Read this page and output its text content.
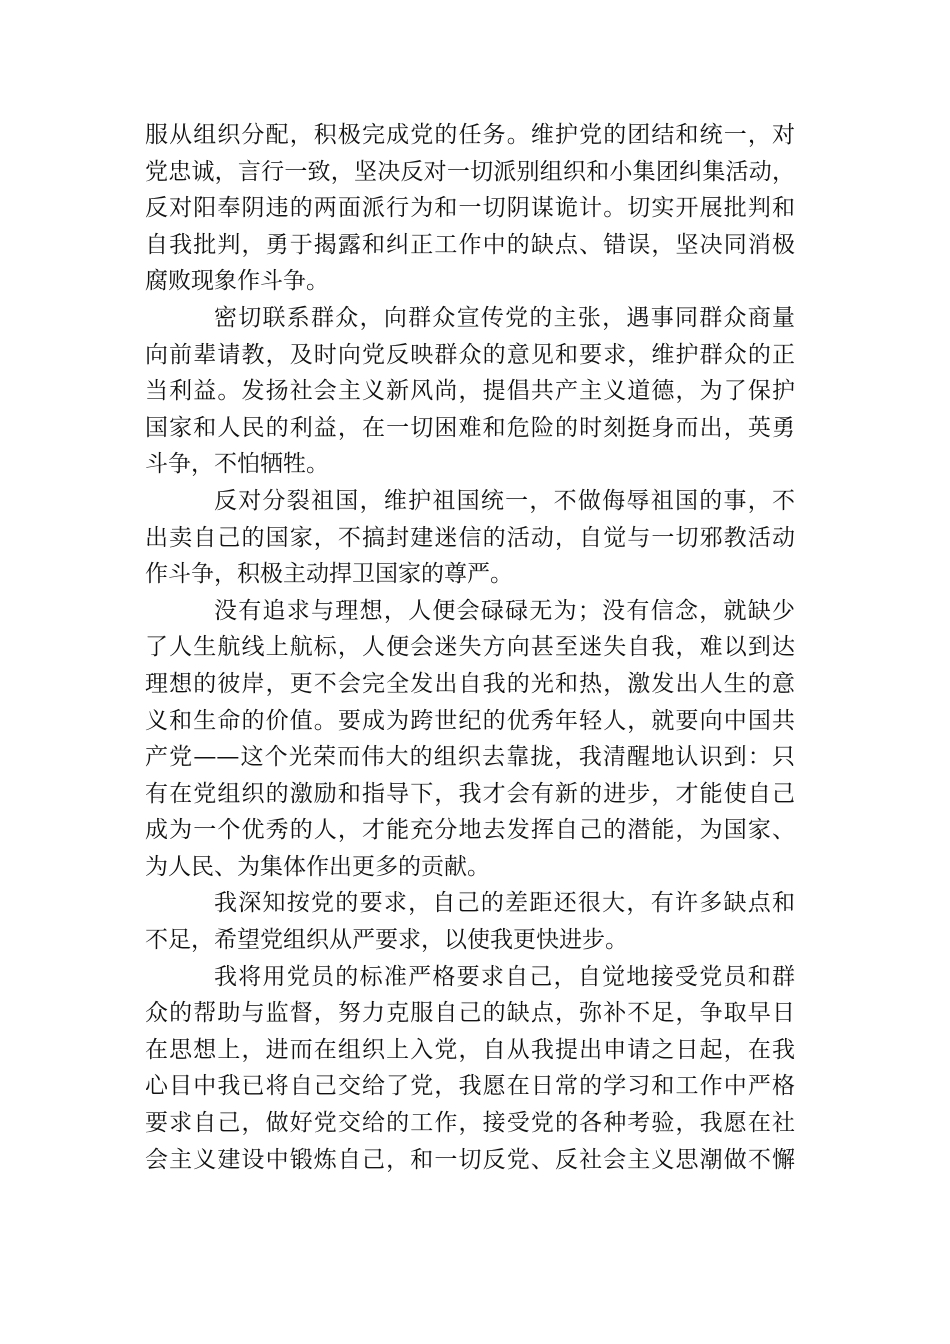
服从组织分配，积极完成党的任务。维护党的团结和统一，对
党忠诚，言行一致，坚决反对一切派别组织和小集团纠集活动，
反对阳奉阴违的两面派行为和一切阴谋诡计。切实开展批判和
自我批判，勇于揭露和纠正工作中的缺点、错误，坚决同消极
腐败现象作斗争。

密切联系群众，向群众宣传党的主张，遇事同群众商量
向前辈请教，及时向党反映群众的意见和要求，维护群众的正
当利益。发扬社会主义新风尚，提倡共产主义道德，为了保护
国家和人民的利益，在一切困难和危险的时刻挺身而出，英勇
斗争，不怕牺牲。

反对分裂祖国，维护祖国统一，不做侮辱祖国的事，不
出卖自己的国家，不搞封建迷信的活动，自觉与一切邪教活动
作斗争，积极主动捍卫国家的尊严。

没有追求与理想，人便会碌碌无为；没有信念，就缺少
了人生航线上航标，人便会迷失方向甚至迷失自我，难以到达
理想的彼岸，更不会完全发出自我的光和热，激发出人生的意
义和生命的价值。要成为跨世纪的优秀年轻人，就要向中国共
产党——这个光荣而伟大的组织去靠拢，我清醒地认识到：只
有在党组织的激励和指导下，我才会有新的进步，才能使自己
成为一个优秀的人，才能充分地去发挥自己的潜能，为国家、
为人民、为集体作出更多的贡献。

我深知按党的要求，自己的差距还很大，有许多缺点和
不足，希望党组织从严要求，以使我更快进步。

我将用党员的标准严格要求自己，自觉地接受党员和群
众的帮助与监督，努力克服自己的缺点，弥补不足，争取早日
在思想上，进而在组织上入党，自从我提出申请之日起，在我
心目中我已将自己交给了党，我愿在日常的学习和工作中严格
要求自己，做好党交给的工作，接受党的各种考验，我愿在社
会主义建设中锻炼自己，和一切反党、反社会主义思潮做不懈
